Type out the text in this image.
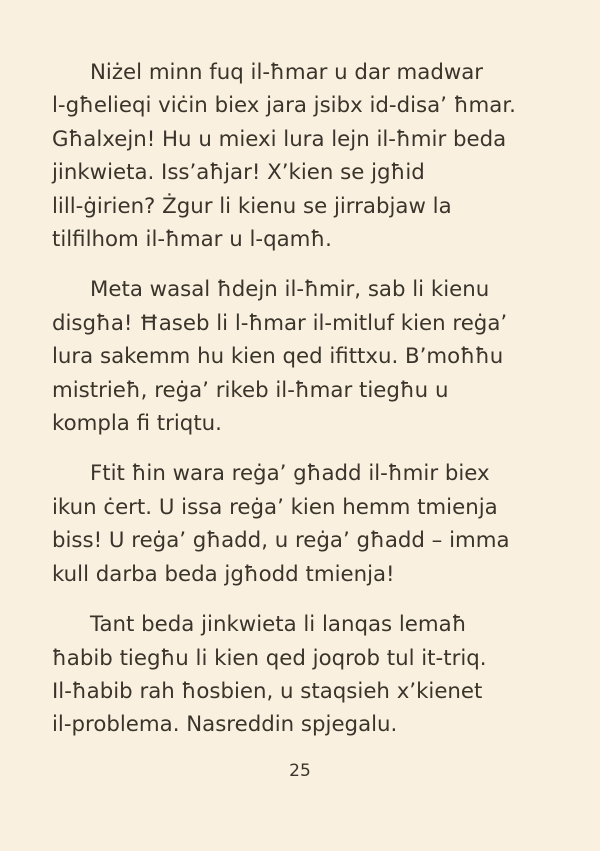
Niżel minn fuq il-ħmar u dar madwar
l-għelieqi viċin biex jara jsibx id-disa’ ħmar.
Għalxejn! Hu u miexi lura lejn il-ħmir beda
jinkwieta. Iss’aħjar! X’kien se jgħid
lill-ġirien? Żgur li kienu se jirrabjaw la
tilfilhom il-ħmar u l-qamħ.

Meta wasal ħdejn il-ħmir, sab li kienu
disgħa! Ħaseb li l-ħmar il-mitluf kien reġa’
lura sakemm hu kien qed ifittxu. B’moħħu
mistrieħ, reġa’ rikeb il-ħmar tiegħu u
kompla fi triqtu.

Ftit ħin wara reġa’ għadd il-ħmir biex
ikun ċert. U issa reġa’ kien hemm tmienja
biss! U reġa’ għadd, u reġa’ għadd – imma
kull darba beda jgħodd tmienja!

Tant beda jinkwieta li lanqas lemaħ
ħabib tiegħu li kien qed joqrob tul it-triq.
Il-ħabib rah ħosbien, u staqsieh x’kienet
il-problema. Nasreddin spjegalu.

25
